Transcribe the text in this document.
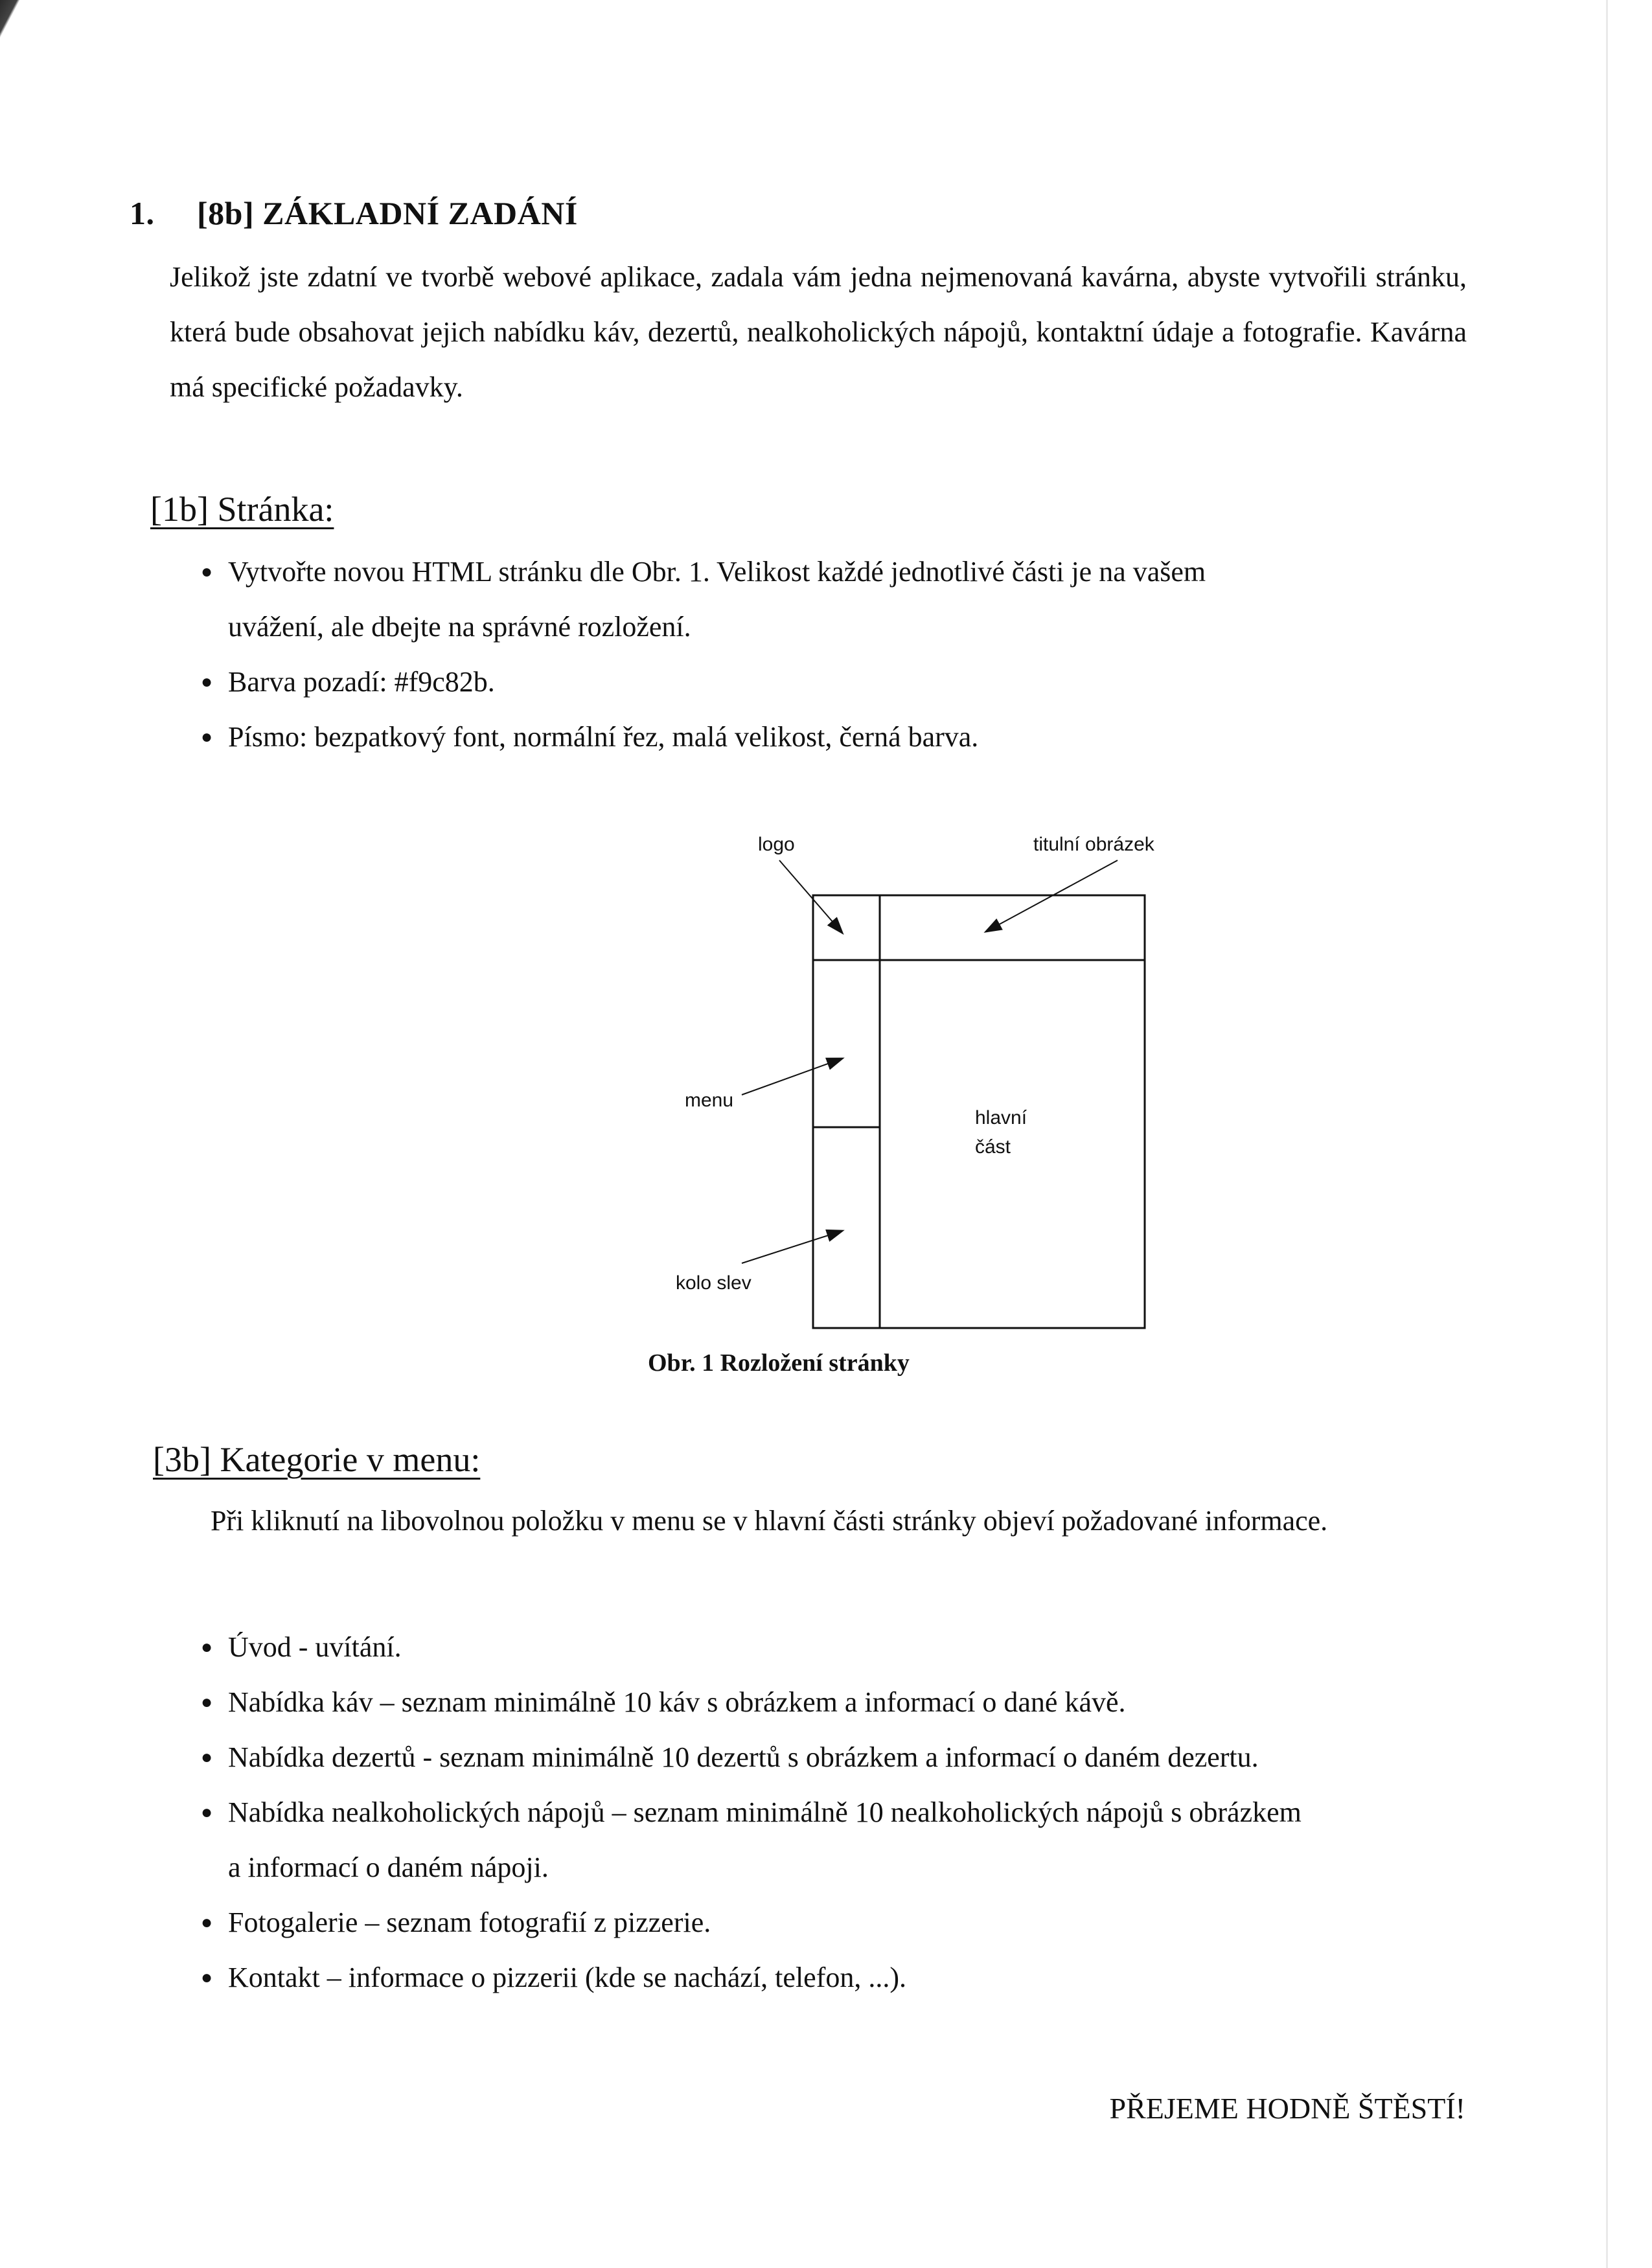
1. [8b] ZÁKLADNÍ ZADÁNÍ
Jelikož jste zdatní ve tvorbě webové aplikace, zadala vám jedna nejmenovaná kavárna, abyste vytvořili stránku, která bude obsahovat jejich nabídku káv, dezertů, nealkoholických nápojů, kontaktní údaje a fotografie. Kavárna má specifické požadavky.
[1b] Stránka:
● Vytvořte novou HTML stránku dle Obr. 1. Velikost každé jednotlivé části je na vašem
uvážení, ale dbejte na správné rozložení.
● Barva pozadí: #f9c82b.
● Písmo: bezpatkový font, normální řez, malá velikost, černá barva.
logo	titulní obrázek
menu
hlavní
část
kolo slev
Obr. 1 Rozložení stránky
[3b] Kategorie v menu:
Při kliknutí na libovolnou položku v menu se v hlavní části stránky objeví požadované informace.
● Úvod - uvítání.
● Nabídka káv – seznam minimálně 10 káv s obrázkem a informací o dané kávě.
● Nabídka dezertů - seznam minimálně 10 dezertů s obrázkem a informací o daném dezertu.
● Nabídka nealkoholických nápojů – seznam minimálně 10 nealkoholických nápojů s obrázkem
a informací o daném nápoji.
● Fotogalerie – seznam fotografií z pizzerie.
● Kontakt – informace o pizzerii (kde se nachází, telefon, ...).
PŘEJEME HODNĚ ŠTĚSTÍ!
